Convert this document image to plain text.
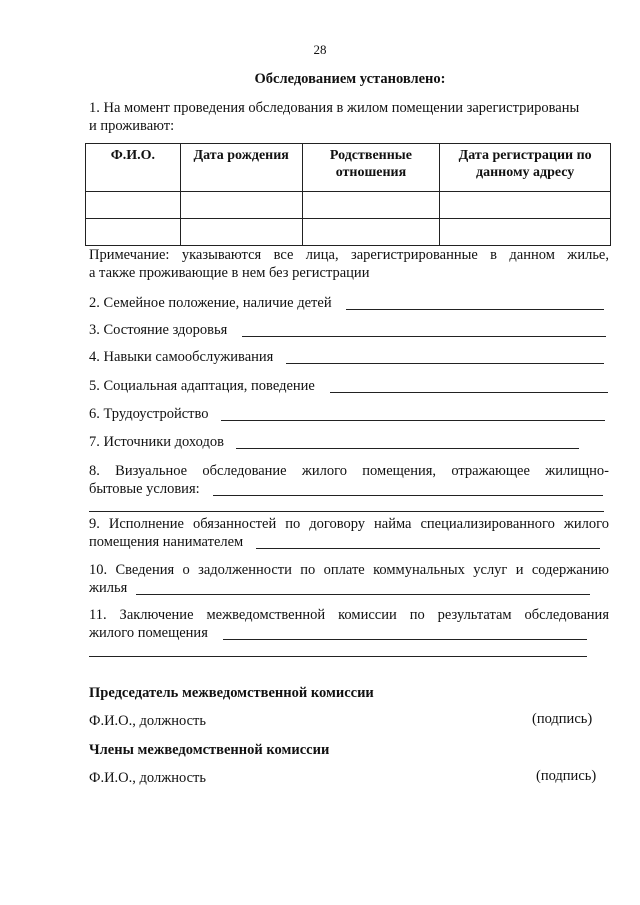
28
Обследованием установлено:
1. На момент проведения обследования в жилом помещении зарегистрированы
и проживают:
Ф.И.О.	Дата рождения	Родственные отношения	Дата регистрации по данному адресу

Примечание: указываются все лица, зарегистрированные в данном жилье,
а также проживающие в нем без регистрации
2. Семейное положение, наличие детей
3. Состояние здоровья
4. Навыки самообслуживания
5. Социальная адаптация, поведение
6. Трудоустройство
7. Источники доходов
8. Визуальное обследование жилого помещения, отражающее жилищно-
бытовые условия:
9. Исполнение обязанностей по договору найма специализированного жилого
помещения нанимателем
10. Сведения о задолженности по оплате коммунальных услуг и содержанию
жилья
11. Заключение межведомственной комиссии по результатам обследования
жилого помещения
Председатель межведомственной комиссии
Ф.И.О., должность	(подпись)
Члены межведомственной комиссии
Ф.И.О., должность	(подпись)
